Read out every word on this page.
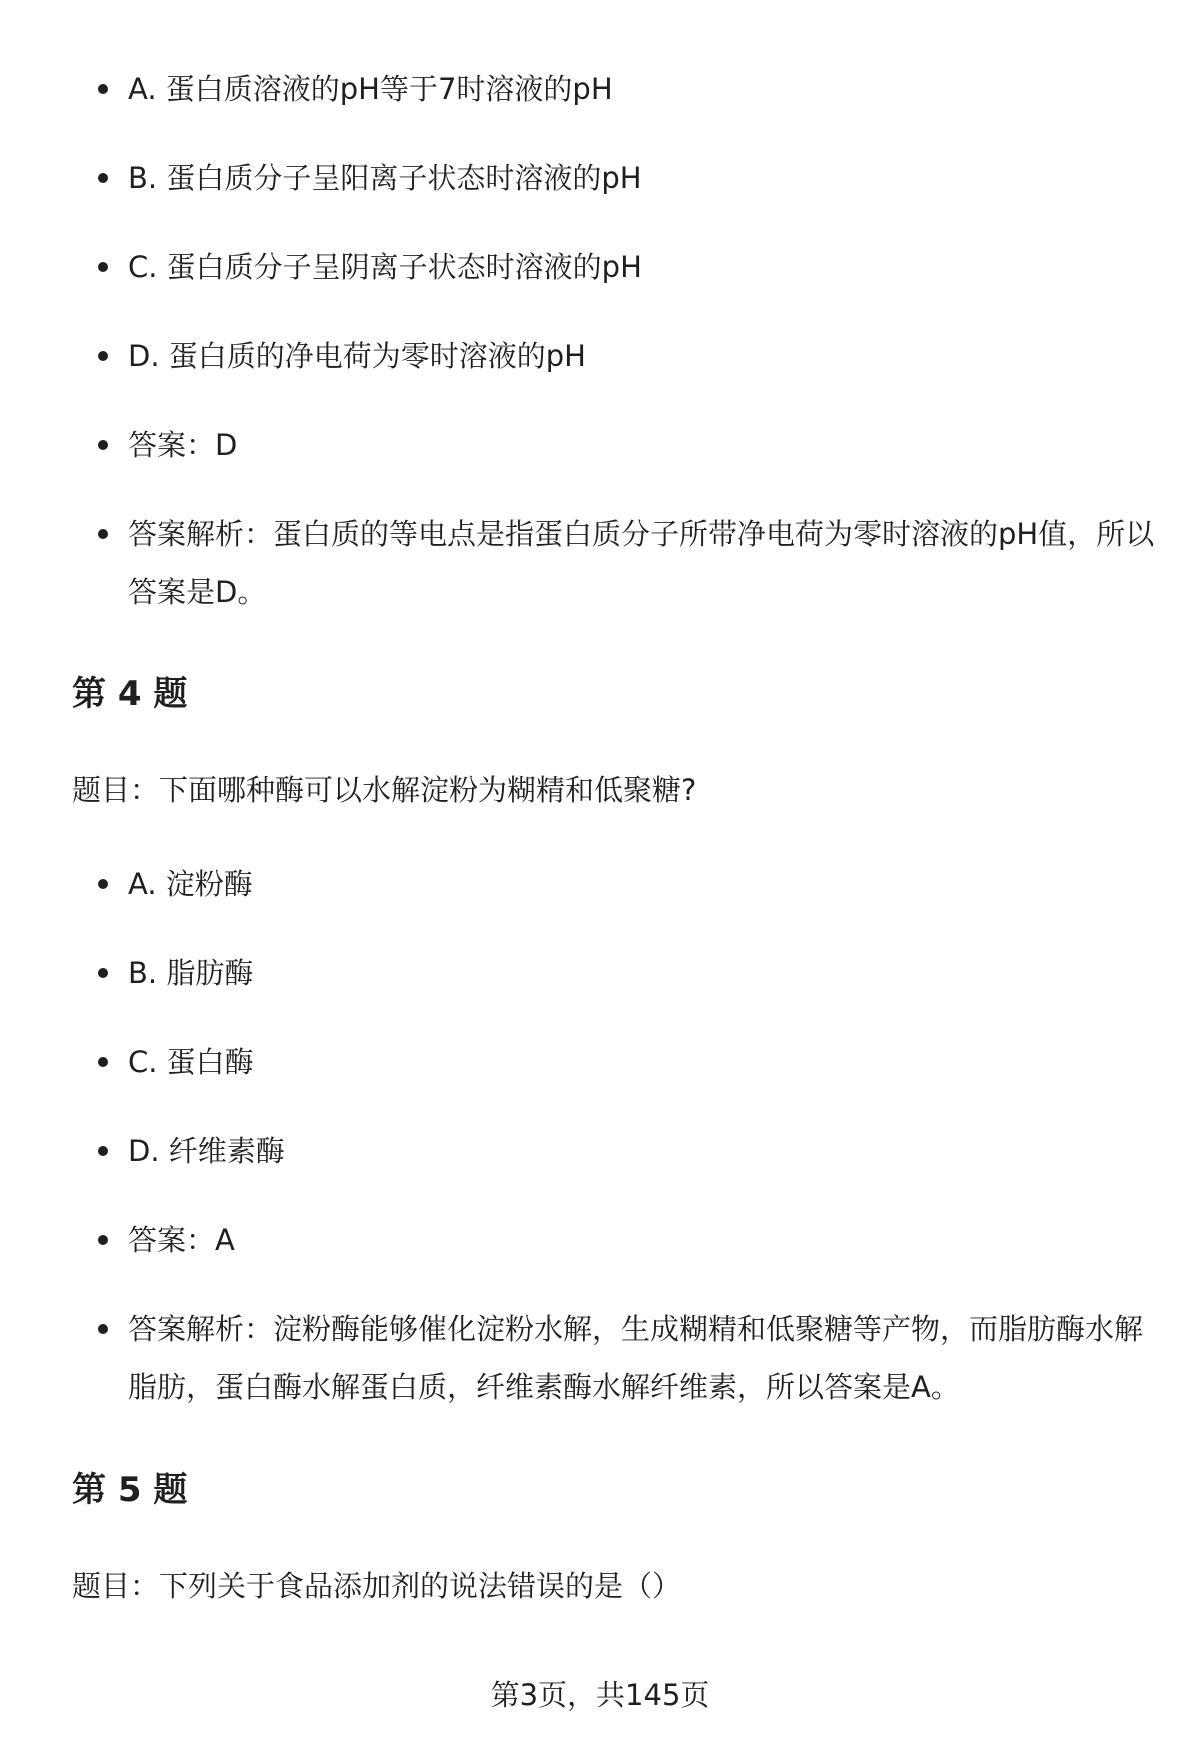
A. 蛋白质溶液的pH等于7时溶液的pH
B. 蛋白质分子呈阳离子状态时溶液的pH
C. 蛋白质分子呈阴离子状态时溶液的pH
D. 蛋白质的净电荷为零时溶液的pH
答案：D
答案解析：蛋白质的等电点是指蛋白质分子所带净电荷为零时溶液的pH值，所以答案是D。
第 4 题

题目：下面哪种酶可以水解淀粉为糊精和低聚糖?

A. 淀粉酶
B. 脂肪酶
C. 蛋白酶
D. 纤维素酶
答案：A
答案解析：淀粉酶能够催化淀粉水解，生成糊精和低聚糖等产物，而脂肪酶水解脂肪，蛋白酶水解蛋白质，纤维素酶水解纤维素，所以答案是A。
第 5 题

题目：下列关于食品添加剂的说法错误的是（）

第3页，共145页
